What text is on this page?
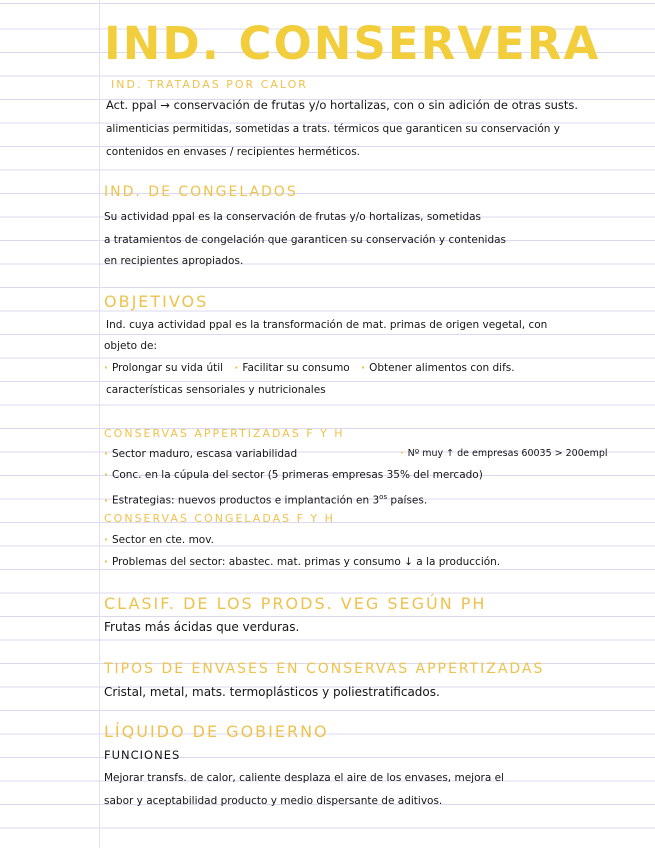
IND. CONSERVERA
IND. TRATADAS POR CALOR
Act. ppal → conservación de frutas y/o hortalizas, con o sin adición de otras susts.
alimenticias permitidas, sometidas a trats. térmicos que garanticen su conservación y
contenidos en envases / recipientes herméticos.
IND. DE CONGELADOS
Su actividad ppal es la conservación de frutas y/o hortalizas, sometidas
a tratamientos de congelación que garanticen su conservación y contenidas
en recipientes apropiados.
OBJETIVOS
Ind. cuya actividad ppal es la transformación de mat. primas de origen vegetal, con
objeto de:
· Prolongar su vida útil · Facilitar su consumo · Obtener alimentos con difs.
características sensoriales y nutricionales
CONSERVAS APPERTIZADAS F Y H
· Sector maduro, escasa variabilidad	· Nº muy ↑ de empresas 60035 > 200empl
· Conc. en la cúpula del sector (5 primeras empresas 35% del mercado)
· Estrategias: nuevos productos e implantación en $3^{os}$ países.
CONSERVAS CONGELADAS F Y H
· Sector en cte. mov.
· Problemas del sector: abastec. mat. primas y consumo ↓ a la producción.
CLASIF. DE LOS PRODS. VEG SEGÚN PH
Frutas más ácidas que verduras.
TIPOS DE ENVASES EN CONSERVAS APPERTIZADAS
Cristal, metal, mats. termoplásticos y poliestratificados.
LÍQUIDO DE GOBIERNO
FUNCIONES
Mejorar transfs. de calor, caliente desplaza el aire de los envases, mejora el
sabor y aceptabilidad producto y medio dispersante de aditivos.
